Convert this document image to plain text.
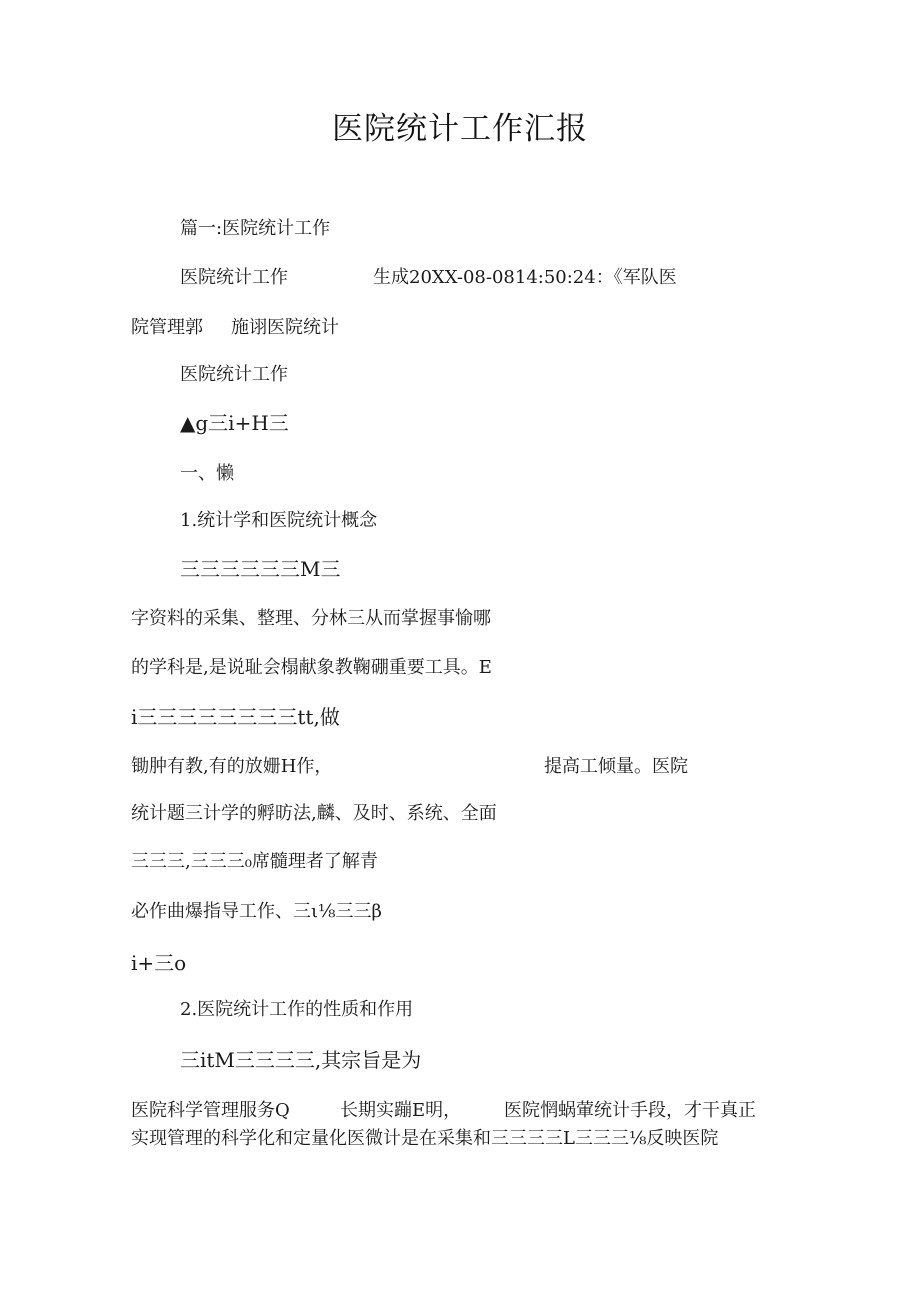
医院统计工作汇报
篇一:医院统计工作
医院统计工作	生成20XX-08-0814:50:24：《军队医
院管理郭 施诩医院统计
医院统计工作
▲g三i+H三
一、懒
1.统计学和医院统计概念
三三三三三三M三
字资料的采集、整理、分林三从而掌握事愉哪
的学科是,是说耻会榻献象教鞠硼重要工具。E
i三三三三三三三三tt,做
锄肿有教,有的放姗H作，	提高工倾量。医院
统计题三计学的孵昉法,麟、及时、系统、全面
三三三,三三三₀席髓理者了解青
必作曲爆指导工作、三ι⅛三三β
i+三o
2.医院统计工作的性质和作用
三itM三三三三,其宗旨是为
医院科学管理服务Q	长期实蹦E明， 医院惘蜗葷统计手段，才干真正
实现管理的科学化和定量化医微计是在采集和三三三三L三三三⅛反映医院
